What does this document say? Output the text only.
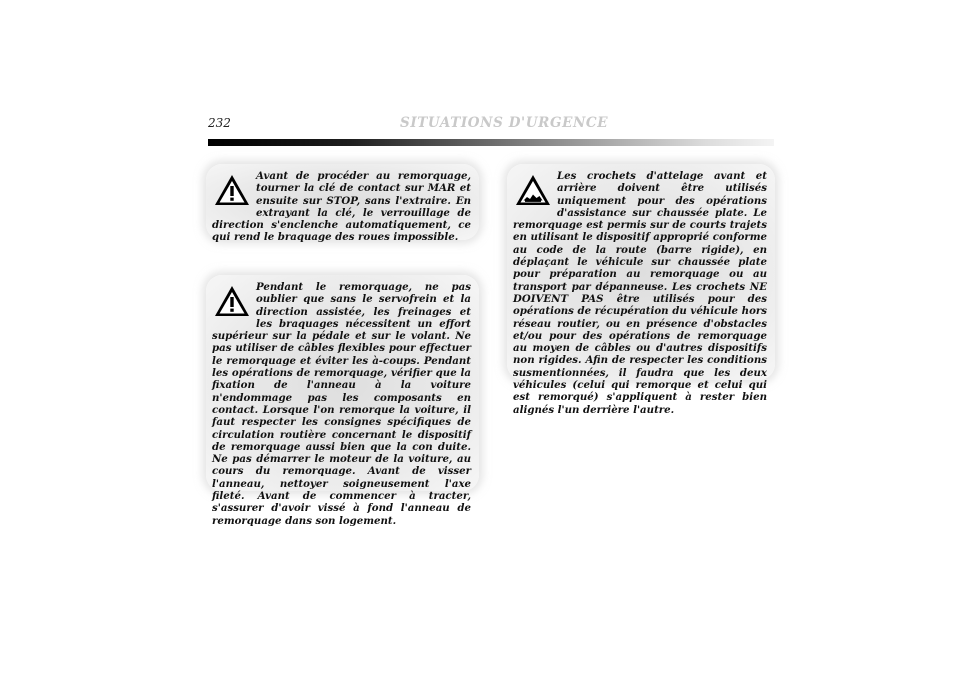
232	SITUATIONS D'URGENCE
Avant de procéder au remorquage, tourner la clé de contact sur MAR et ensuite sur STOP, sans l'extraire. En extrayant la clé, le verrouillage de direction s'enclenche automatiquement, ce qui rend le braquage des roues impossible.
Pendant le remorquage, ne pas oublier que sans le servofrein et la direction assistée, les freinages et les braquages nécessitent un effort supérieur sur la pédale et sur le volant. Ne pas utiliser de câbles flexibles pour effectuer le remorquage et éviter les à-coups. Pendant les opérations de remorquage, vérifier que la fixation de l'anneau à la voiture n'endommage pas les composants en contact. Lorsque l'on remorque la voiture, il faut respecter les consignes spécifiques de circulation routière concernant le dispositif de remorquage aussi bien que la con duite. Ne pas démarrer le moteur de la voiture, au cours du remorquage. Avant de visser l'anneau, nettoyer soigneusement l'axe fileté. Avant de commencer à tracter, s'assurer d'avoir vissé à fond l'anneau de remorquage dans son logement.
Les crochets d'attelage avant et arrière doivent être utilisés uniquement pour des opérations d'assistance sur chaussée plate. Le remorquage est permis sur de courts trajets en utilisant le dispositif approprié conforme au code de la route (barre rigide), en déplaçant le véhicule sur chaussée plate pour préparation au remorquage ou au transport par dépanneuse. Les crochets NE DOIVENT PAS être utilisés pour des opérations de récupération du véhicule hors réseau routier, ou en présence d'obstacles et/ou pour des opérations de remorquage au moyen de câbles ou d'autres dispositifs non rigides. Afin de respecter les conditions susmentionnées, il faudra que les deux véhicules (celui qui remorque et celui qui est remorqué) s'appliquent à rester bien alignés l'un derrière l'autre.
